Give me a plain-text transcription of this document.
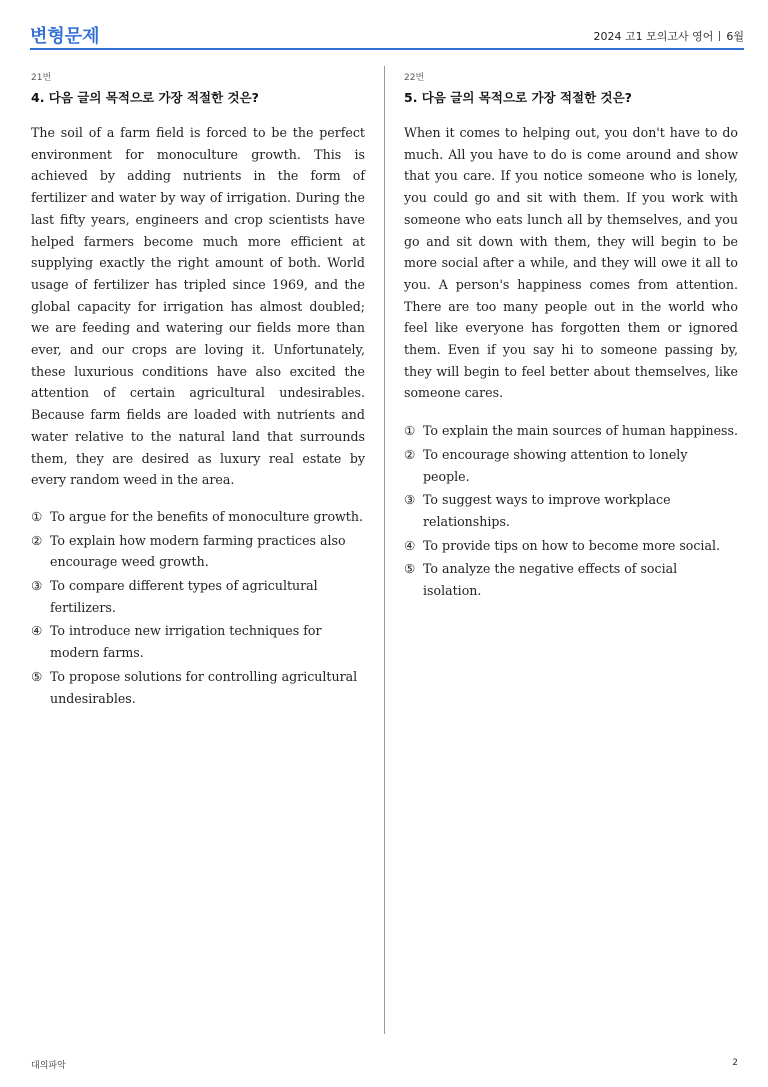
변형문제	2024 고1 모의고사 영어 6월
21번
4. 다음 글의 목적으로 가장 적절한 것은?

The soil of a farm field is forced to be the perfect environment for monoculture growth. This is achieved by adding nutrients in the form of fertilizer and water by way of irrigation. During the last fifty years, engineers and crop scientists have helped farmers become much more efficient at supplying exactly the right amount of both. World usage of fertilizer has tripled since 1969, and the global capacity for irrigation has almost doubled; we are feeding and watering our fields more than ever, and our crops are loving it. Unfortunately, these luxurious conditions have also excited the attention of certain agricultural undesirables. Because farm fields are loaded with nutrients and water relative to the natural land that surrounds them, they are desired as luxury real estate by every random weed in the area.

① To argue for the benefits of monoculture growth.
② To explain how modern farming practices also encourage weed growth.
③ To compare different types of agricultural fertilizers.
④ To introduce new irrigation techniques for modern farms.
⑤ To propose solutions for controlling agricultural undesirables.
22번
5. 다음 글의 목적으로 가장 적절한 것은?

When it comes to helping out, you don't have to do much. All you have to do is come around and show that you care. If you notice someone who is lonely, you could go and sit with them. If you work with someone who eats lunch all by themselves, and you go and sit down with them, they will begin to be more social after a while, and they will owe it all to you. A person's happiness comes from attention. There are too many people out in the world who feel like everyone has forgotten them or ignored them. Even if you say hi to someone passing by, they will begin to feel better about themselves, like someone cares.

① To explain the main sources of human happiness.
② To encourage showing attention to lonely people.
③ To suggest ways to improve workplace relationships.
④ To provide tips on how to become more social.
⑤ To analyze the negative effects of social isolation.
대의파악	2
